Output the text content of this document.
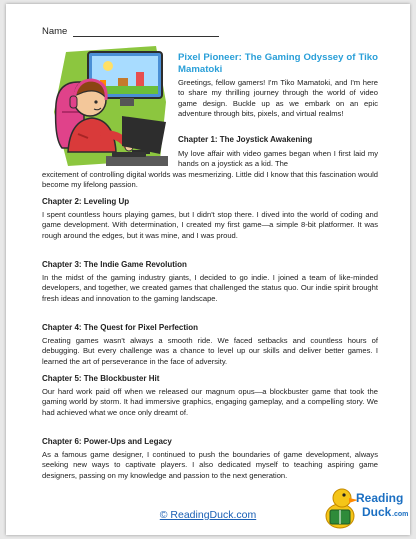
Name
Pixel Pioneer: The Gaming Odyssey of Tiko Mamatoki

Greetings, fellow gamers! I'm Tiko Mamatoki, and I'm here to share my thrilling journey through the world of video game design. Buckle up as we embark on an epic adventure through bits, pixels, and virtual realms!

Chapter 1: The Joystick Awakening

My love affair with video games began when I first laid my hands on a joystick as a kid. The

excitement of controlling digital worlds was mesmerizing. Little did I know that this fascination would become my lifelong passion.

Chapter 2: Leveling Up

I spent countless hours playing games, but I didn't stop there. I dived into the world of coding and game development. With determination, I created my first game—a simple 8-bit platformer. It was rough around the edges, but it was mine, and I was proud.

Chapter 3: The Indie Game Revolution

In the midst of the gaming industry giants, I decided to go indie. I joined a team of like-minded developers, and together, we created games that challenged the status quo. Our indie spirit brought fresh ideas and innovation to the gaming landscape.

Chapter 4: The Quest for Pixel Perfection

Creating games wasn't always a smooth ride. We faced setbacks and countless hours of debugging. But every challenge was a chance to level up our skills and deliver better games. I learned the art of perseverance in the face of adversity.

Chapter 5: The Blockbuster Hit

Our hard work paid off when we released our magnum opus—a blockbuster game that took the gaming world by storm. It had immersive graphics, engaging gameplay, and a compelling story. We had achieved what we once only dreamt of.

Chapter 6: Power-Ups and Legacy

As a famous game designer, I continued to push the boundaries of game development, always seeking new ways to captivate players. I also dedicated myself to teaching aspiring game designers, passing on my knowledge and passion to the next generation.

© ReadingDuck.com
Reading
Duck .com
